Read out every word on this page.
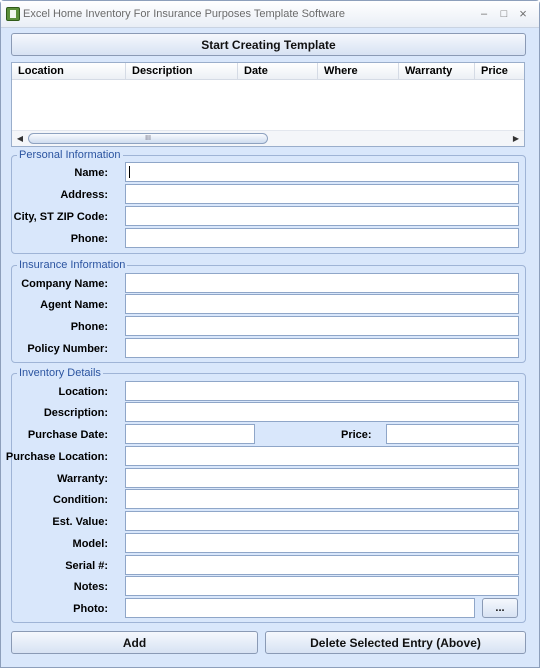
Excel Home Inventory For Insurance Purposes Template Software	–	□ ×
Start Creating Template
Location	Description	Date	Where	Warranty	Price
◀	III	▶
Personal Information
Name:
Address:
City, ST ZIP Code:
Phone:
Insurance Information
Company Name:
Agent Name:
Phone:
Policy Number:
Inventory Details
Location:
Description:
Purchase Date:	Price:
Purchase Location:
Warranty:
Condition:
Est. Value:
Model:
Serial #:
Notes:
Photo:	...
Add	Delete Selected Entry (Above)
